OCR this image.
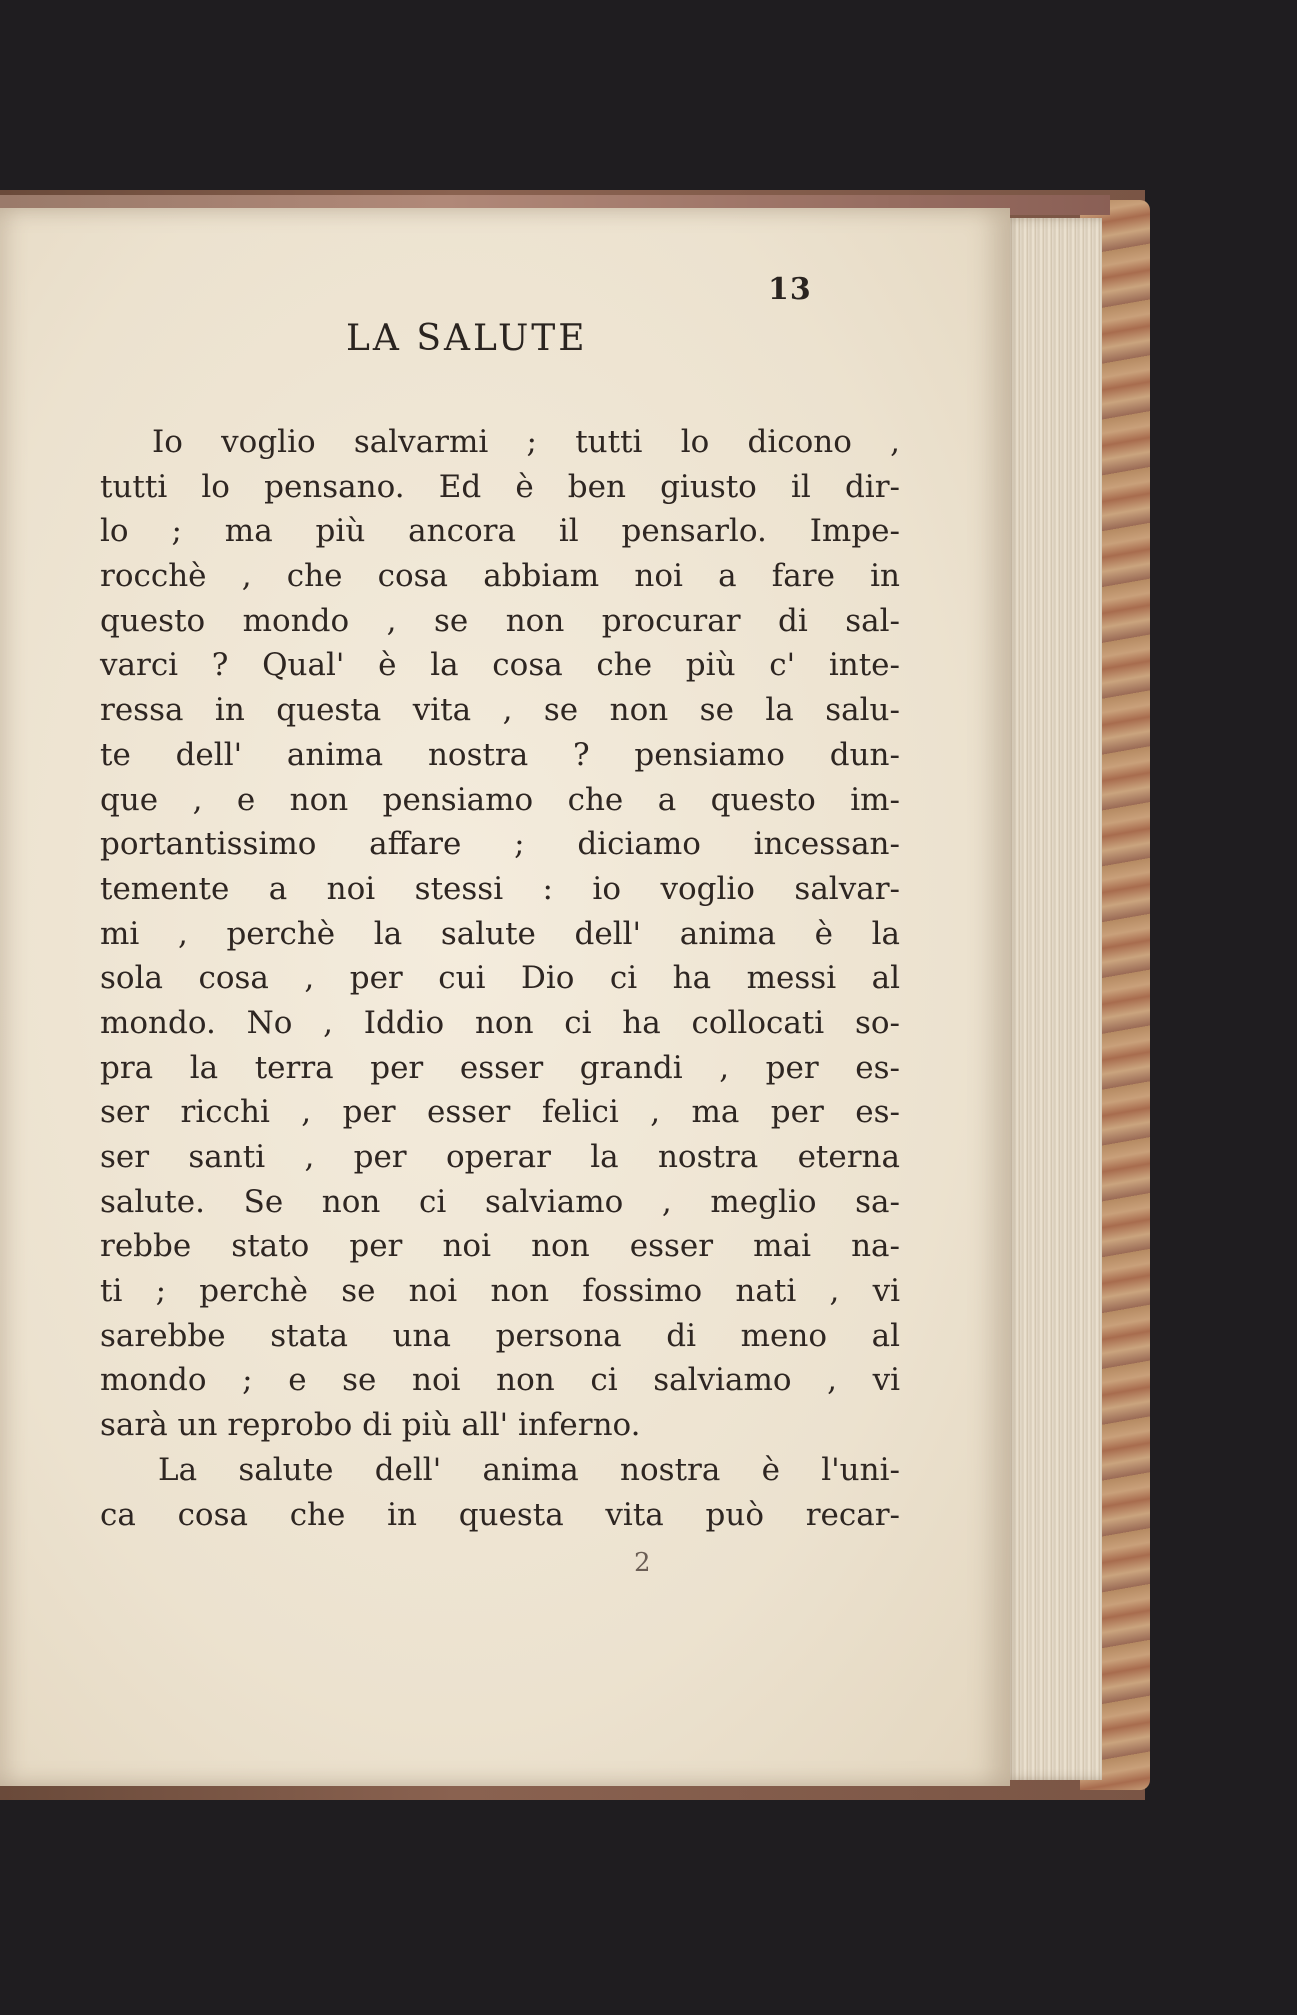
13
LA SALUTE
Io voglio salvarmi ; tutti lo dicono ,
tutti lo pensano. Ed è ben giusto il dir-
lo ; ma più ancora il pensarlo. Impe-
rocchè , che cosa abbiam noi a fare in
questo mondo , se non procurar di sal-
varci ? Qual' è la cosa che più c' inte-
ressa in questa vita , se non se la salu-
te dell' anima nostra ? pensiamo dun-
que , e non pensiamo che a questo im-
portantissimo affare ; diciamo incessan-
temente a noi stessi : io voglio salvar-
mi , perchè la salute dell' anima è la
sola cosa , per cui Dio ci ha messi al
mondo. No , Iddio non ci ha collocati so-
pra la terra per esser grandi , per es-
ser ricchi , per esser felici , ma per es-
ser santi , per operar la nostra eterna
salute. Se non ci salviamo , meglio sa-
rebbe stato per noi non esser mai na-
ti ; perchè se noi non fossimo nati , vi
sarebbe stata una persona di meno al
mondo ; e se noi non ci salviamo , vi
sarà un reprobo di più all' inferno.
La salute dell' anima nostra è l'uni-
ca cosa che in questa vita può recar-
2
